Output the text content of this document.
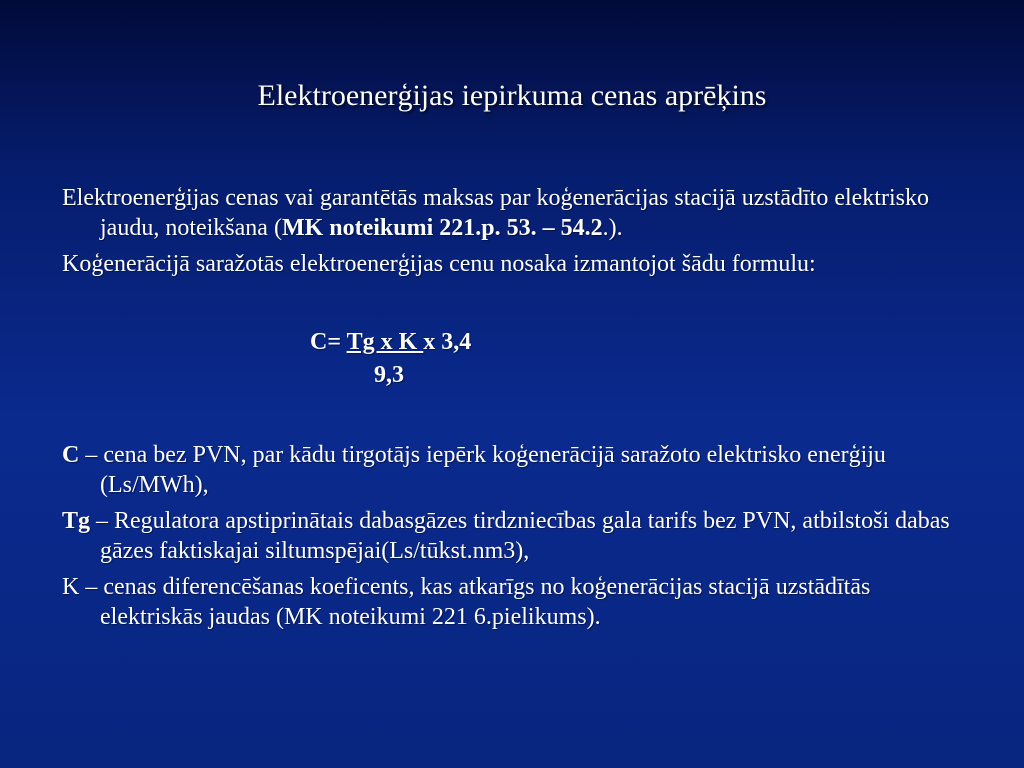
Elektroenerģijas iepirkuma cenas aprēķins

Elektroenerģijas cenas vai garantētās maksas par koģenerācijas stacijā uzstādīto elektrisko jaudu, noteikšana (MK noteikumi 221.p. 53. – 54.2.).

Koģenerācijā saražotās elektroenerģijas cenu nosaka izmantojot šādu formulu:

C= Tg x K x 3,4
9,3

C – cena bez PVN, par kādu tirgotājs iepērk koģenerācijā saražoto elektrisko enerģiju (Ls/MWh),

Tg – Regulatora apstiprinātais dabasgāzes tirdzniecības gala tarifs bez PVN, atbilstoši dabas gāzes faktiskajai siltumspējai(Ls/tūkst.nm3),

K – cenas diferencēšanas koeficents, kas atkarīgs no koģenerācijas stacijā uzstādītās elektriskās jaudas (MK noteikumi 221 6.pielikums).
